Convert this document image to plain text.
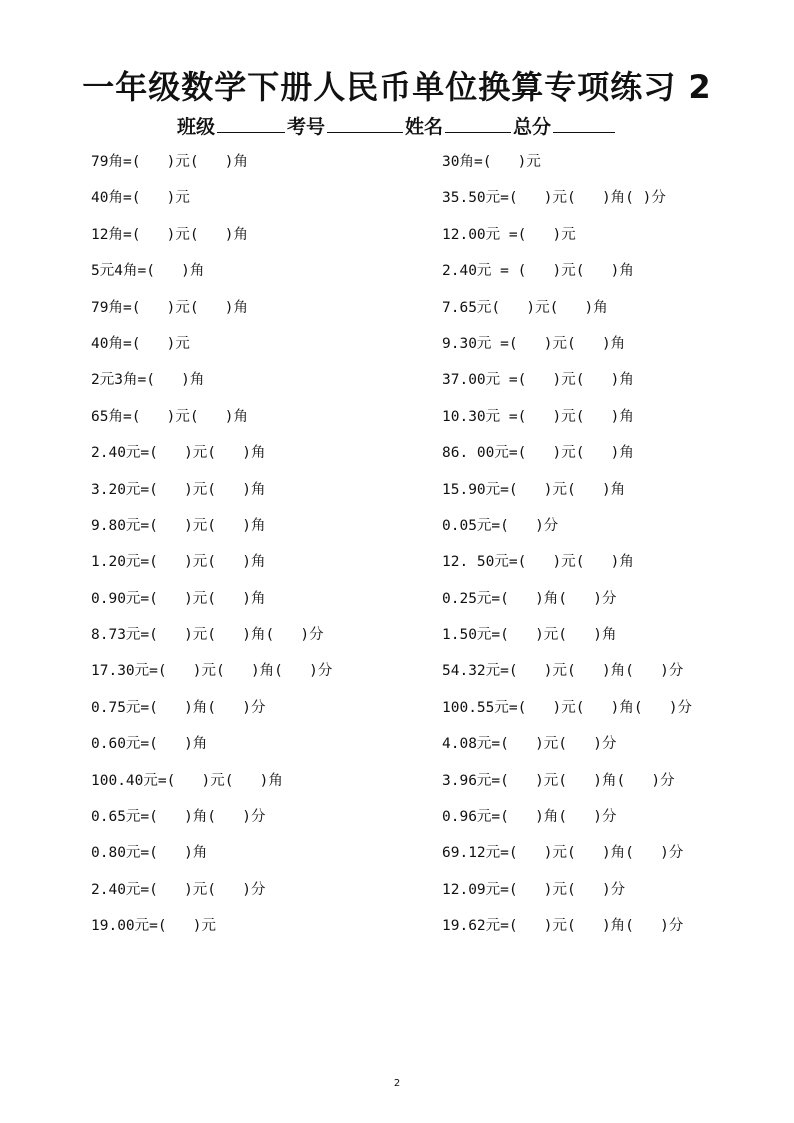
一年级数学下册人民币单位换算专项练习 2
班级	考号	姓名	总分
79角=(   )元(   )角
40角=(   )元
12角=(   )元(   )角
5元4角=(   )角
79角=(   )元(   )角
40角=(   )元
2元3角=(   )角
65角=(   )元(   )角
2.40元=(   )元(   )角
3.20元=(   )元(   )角
9.80元=(   )元(   )角
1.20元=(   )元(   )角
0.90元=(   )元(   )角
8.73元=(   )元(   )角(   )分
17.30元=(   )元(   )角(   )分
0.75元=(   )角(   )分
0.60元=(   )角
100.40元=(   )元(   )角
0.65元=(   )角(   )分
0.80元=(   )角
2.40元=(   )元(   )分
19.00元=(   )元
30角=(   )元
35.50元=(   )元(   )角( )分
12.00元 =(   )元
2.40元 = (   )元(   )角
7.65元(   )元(   )角
9.30元 =(   )元(   )角
37.00元 =(   )元(   )角
10.30元 =(   )元(   )角
86. 00元=(   )元(   )角
15.90元=(   )元(   )角
0.05元=(   )分
12. 50元=(   )元(   )角
0.25元=(   )角(   )分
1.50元=(   )元(   )角
54.32元=(   )元(   )角(   )分
100.55元=(   )元(   )角(   )分
4.08元=(   )元(   )分
3.96元=(   )元(   )角(   )分
0.96元=(   )角(   )分
69.12元=(   )元(   )角(   )分
12.09元=(   )元(   )分
19.62元=(   )元(   )角(   )分
2
